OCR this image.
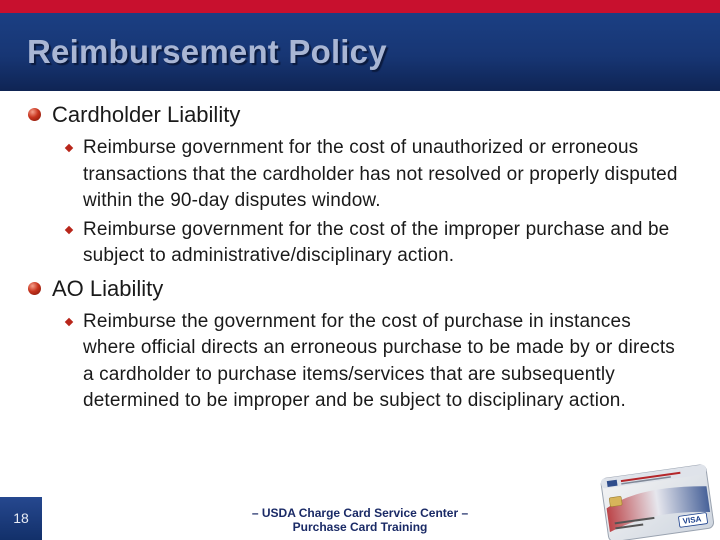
Reimbursement Policy
Cardholder Liability
Reimburse government for the cost of unauthorized or erroneous transactions that the cardholder has not resolved or properly disputed within the 90-day disputes window.
Reimburse government for the cost of the improper purchase and be subject to administrative/disciplinary action.
AO Liability
Reimburse the government for the cost of purchase in instances where official directs an erroneous purchase to be made by or directs a cardholder to purchase items/services that are subsequently determined to be improper and be subject to disciplinary action.
18	– USDA Charge Card Service Center –
Purchase Card Training	VISA
